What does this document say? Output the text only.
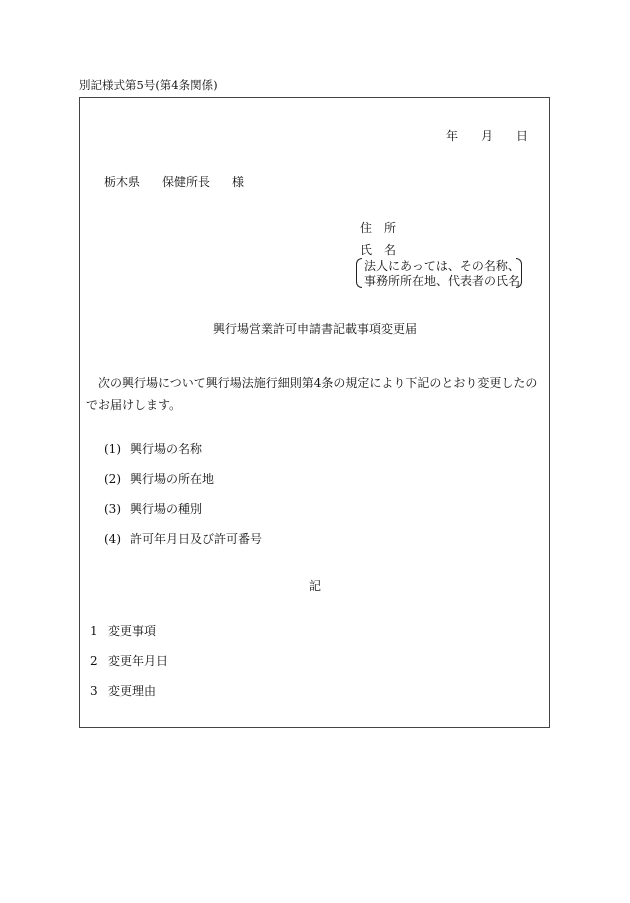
別記様式第5号(第4条関係)
年 月 日
栃木県 保健所長 様
住　所
氏　名
法人にあっては、その名称、
事務所所在地、代表者の氏名
興行場営業許可申請書記載事項変更届
次の興行場について興行場法施行細則第4条の規定により下記のとおり変更したのでお届けします。
(1) 興行場の名称
(2) 興行場の所在地
(3) 興行場の種別
(4) 許可年月日及び許可番号
記
1 変更事項
2 変更年月日
3 変更理由
